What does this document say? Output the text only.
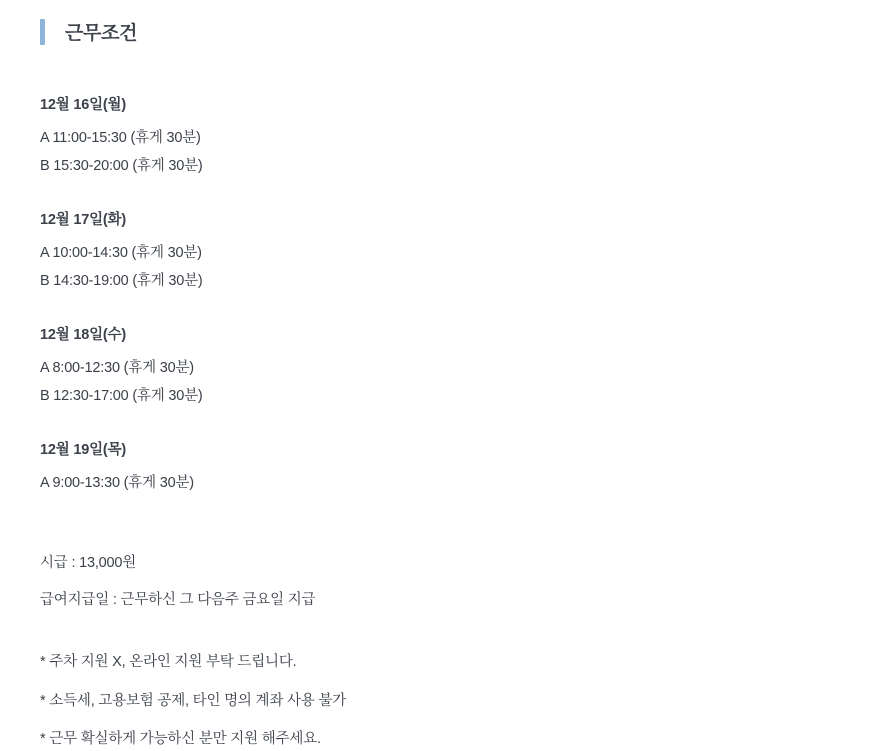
근무조건
12월 16일(월)
A 11:00-15:30 (휴게 30분)
B 15:30-20:00 (휴게 30분)
12월 17일(화)
A 10:00-14:30 (휴게 30분)
B 14:30-19:00 (휴게 30분)
12월 18일(수)
A 8:00-12:30 (휴게 30분)
B 12:30-17:00 (휴게 30분)
12월 19일(목)
A 9:00-13:30 (휴게 30분)
시급 : 13,000원
급여지급일 : 근무하신 그 다음주 금요일 지급
* 주차 지원 X, 온라인 지원 부탁 드립니다.
* 소득세, 고용보험 공제, 타인 명의 계좌 사용 불가
* 근무 확실하게 가능하신 분만 지원 해주세요.
